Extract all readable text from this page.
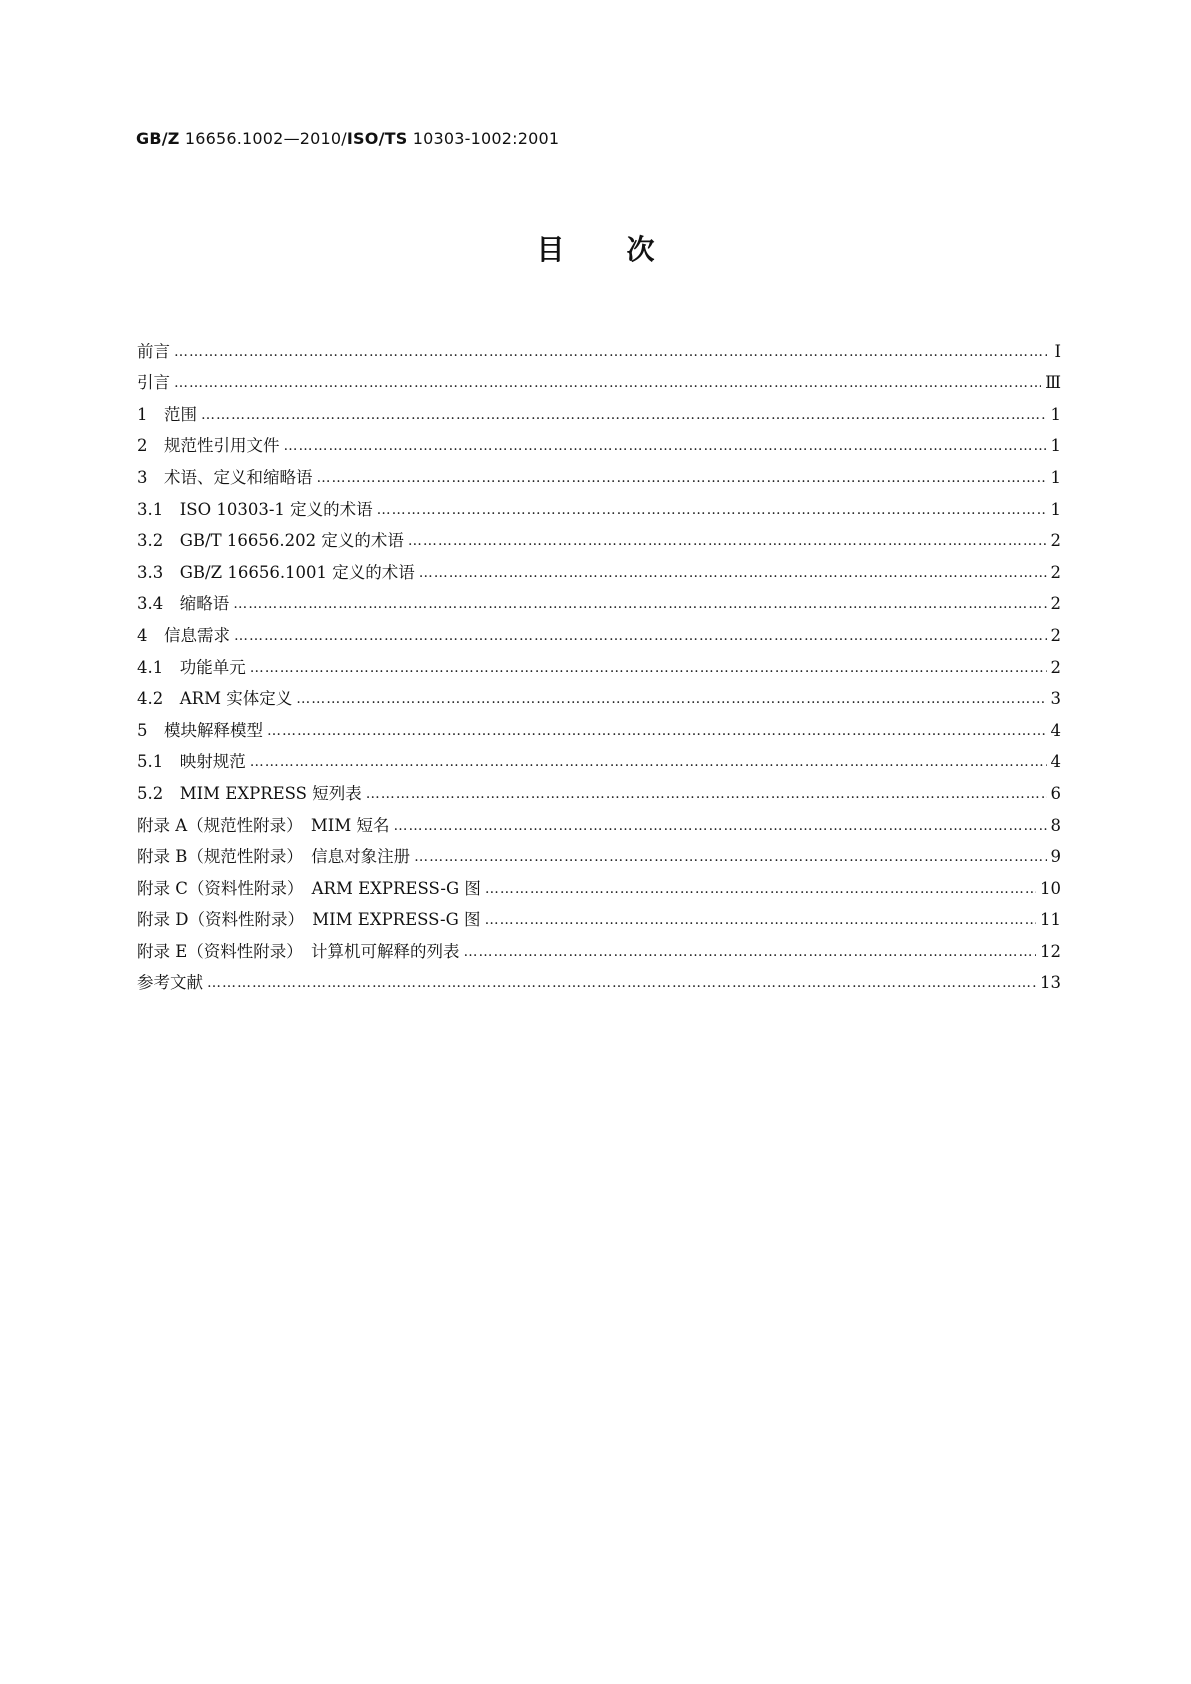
GB/Z 16656.1002—2010/ISO/TS 10303-1002:2001
目次
前言 ………………………………………………………………………………………………………………………………………………………………………………………………………………………………………………………………………………………	Ⅰ
引言 ………………………………………………………………………………………………………………………………………………………………………………………………………………………………………………………………………………………	Ⅲ
1　 范围 ………………………………………………………………………………………………………………………………………………………………………………………………………………………………………………………………………………………	1
2　 规范性引用文件 ………………………………………………………………………………………………………………………………………………………………………………………………………………………………………………………………………………………	1
3　 术语、定义和缩略语 ………………………………………………………………………………………………………………………………………………………………………………………………………………………………………………………………………………………	1
3.1　 ISO 10303-1 定义的术语 ………………………………………………………………………………………………………………………………………………………………………………………………………………………………………………………………………………………	1
3.2　 GB/T 16656.202 定义的术语 ………………………………………………………………………………………………………………………………………………………………………………………………………………………………………………………………………………………	2
3.3　 GB/Z 16656.1001 定义的术语 ………………………………………………………………………………………………………………………………………………………………………………………………………………………………………………………………………………………	2
3.4　 缩略语 ………………………………………………………………………………………………………………………………………………………………………………………………………………………………………………………………………………………	2
4　 信息需求 ………………………………………………………………………………………………………………………………………………………………………………………………………………………………………………………………………………………	2
4.1　 功能单元 ………………………………………………………………………………………………………………………………………………………………………………………………………………………………………………………………………………………	2
4.2　 ARM 实体定义 ………………………………………………………………………………………………………………………………………………………………………………………………………………………………………………………………………………………	3
5　 模块解释模型 ………………………………………………………………………………………………………………………………………………………………………………………………………………………………………………………………………………………	4
5.1　 映射规范 ………………………………………………………………………………………………………………………………………………………………………………………………………………………………………………………………………………………	4
5.2　 MIM EXPRESS 短列表 ………………………………………………………………………………………………………………………………………………………………………………………………………………………………………………………………………………………	6
附录 A（规范性附录）　MIM 短名 ………………………………………………………………………………………………………………………………………………………………………………………………………………………………………………………………………………………	8
附录 B（规范性附录）　信息对象注册 ………………………………………………………………………………………………………………………………………………………………………………………………………………………………………………………………………………………	9
附录 C（资料性附录）　ARM EXPRESS-G 图 ………………………………………………………………………………………………………………………………………………………………………………………………………………………………………………………………………………………	10
附录 D（资料性附录）　MIM EXPRESS-G 图 ………………………………………………………………………………………………………………………………………………………………………………………………………………………………………………………………………………………	11
附录 E（资料性附录）　计算机可解释的列表 ………………………………………………………………………………………………………………………………………………………………………………………………………………………………………………………………………………………	12
参考文献 ………………………………………………………………………………………………………………………………………………………………………………………………………………………………………………………………………………………	13
